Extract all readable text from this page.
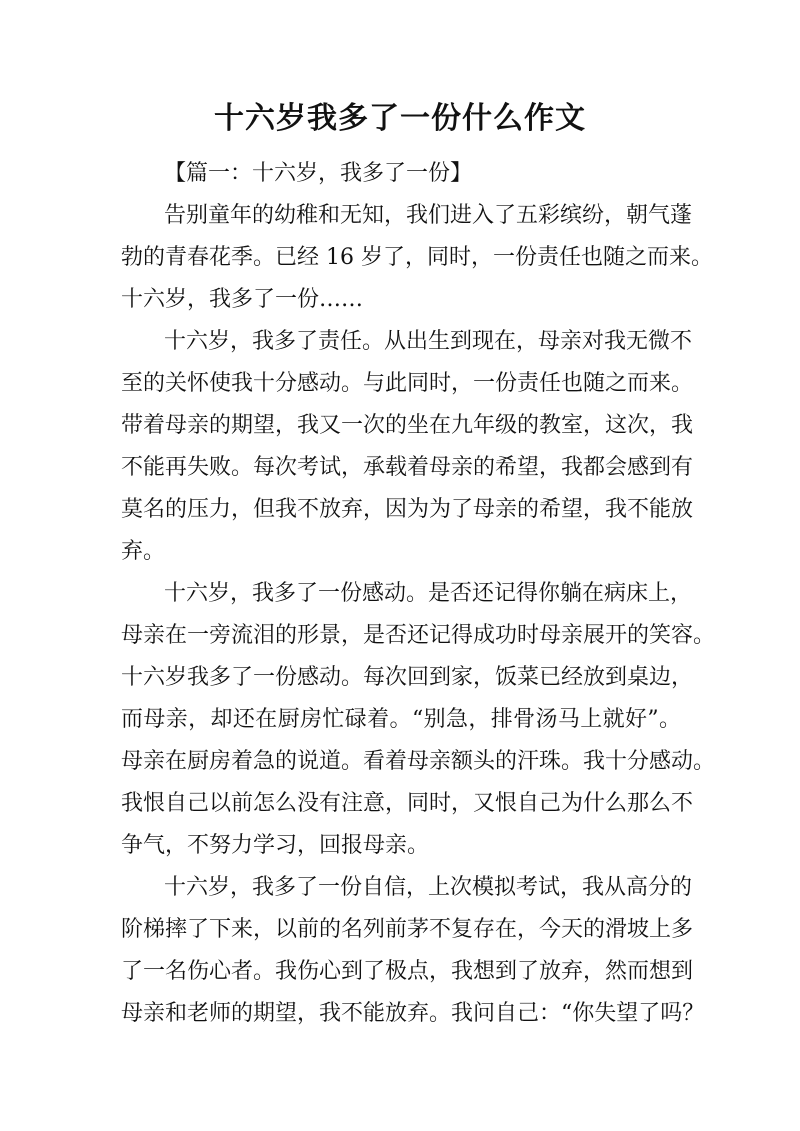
十六岁我多了一份什么作文
【篇一：十六岁，我多了一份】
告别童年的幼稚和无知，我们进入了五彩缤纷，朝气蓬
勃的青春花季。已经 16 岁了，同时，一份责任也随之而来。
十六岁，我多了一份……
十六岁，我多了责任。从出生到现在，母亲对我无微不
至的关怀使我十分感动。与此同时，一份责任也随之而来。
带着母亲的期望，我又一次的坐在九年级的教室，这次，我
不能再失败。每次考试，承载着母亲的希望，我都会感到有
莫名的压力，但我不放弃，因为为了母亲的希望，我不能放
弃。
十六岁，我多了一份感动。是否还记得你躺在病床上，
母亲在一旁流泪的形景，是否还记得成功时母亲展开的笑容。
十六岁我多了一份感动。每次回到家，饭菜已经放到桌边，
而母亲，却还在厨房忙碌着。“别急，排骨汤马上就好”。
母亲在厨房着急的说道。看着母亲额头的汗珠。我十分感动。
我恨自己以前怎么没有注意，同时，又恨自己为什么那么不
争气，不努力学习，回报母亲。
十六岁，我多了一份自信，上次模拟考试，我从高分的
阶梯摔了下来，以前的名列前茅不复存在，今天的滑坡上多
了一名伤心者。我伤心到了极点，我想到了放弃，然而想到
母亲和老师的期望，我不能放弃。我问自己：“你失望了吗？
